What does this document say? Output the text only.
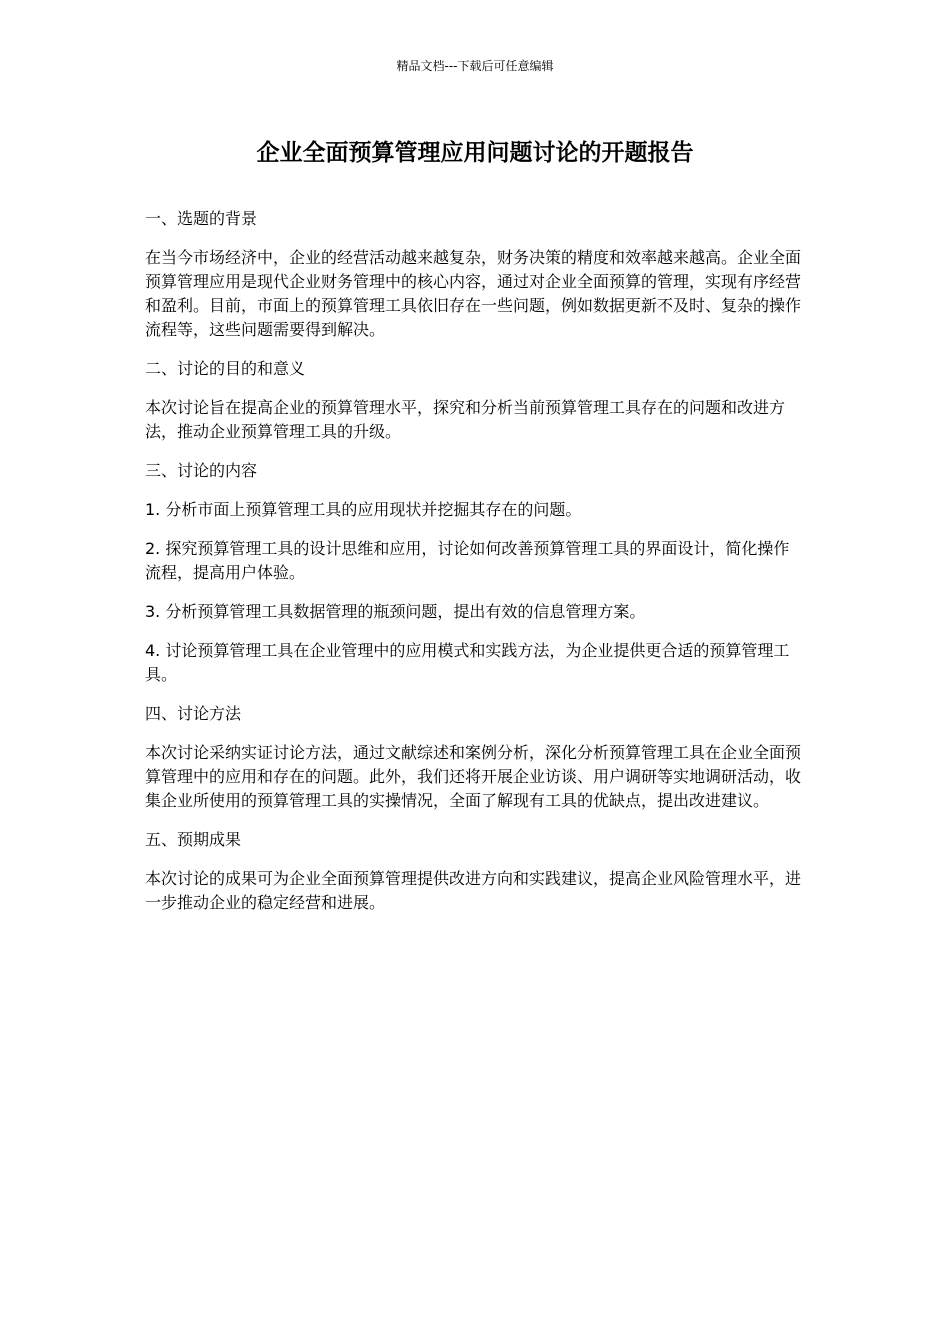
精品文档---下载后可任意编辑
企业全面预算管理应用问题讨论的开题报告

一、选题的背景

在当今市场经济中，企业的经营活动越来越复杂，财务决策的精度和效率越来越高。企业全面预算管理应用是现代企业财务管理中的核心内容，通过对企业全面预算的管理，实现有序经营和盈利。目前，市面上的预算管理工具依旧存在一些问题，例如数据更新不及时、复杂的操作流程等，这些问题需要得到解决。

二、讨论的目的和意义

本次讨论旨在提高企业的预算管理水平，探究和分析当前预算管理工具存在的问题和改进方法，推动企业预算管理工具的升级。

三、讨论的内容

1. 分析市面上预算管理工具的应用现状并挖掘其存在的问题。

2. 探究预算管理工具的设计思维和应用，讨论如何改善预算管理工具的界面设计，简化操作流程，提高用户体验。

3. 分析预算管理工具数据管理的瓶颈问题，提出有效的信息管理方案。

4. 讨论预算管理工具在企业管理中的应用模式和实践方法，为企业提供更合适的预算管理工具。

四、讨论方法

本次讨论采纳实证讨论方法，通过文献综述和案例分析，深化分析预算管理工具在企业全面预算管理中的应用和存在的问题。此外，我们还将开展企业访谈、用户调研等实地调研活动，收集企业所使用的预算管理工具的实操情况，全面了解现有工具的优缺点，提出改进建议。

五、预期成果

本次讨论的成果可为企业全面预算管理提供改进方向和实践建议，提高企业风险管理水平，进一步推动企业的稳定经营和进展。
